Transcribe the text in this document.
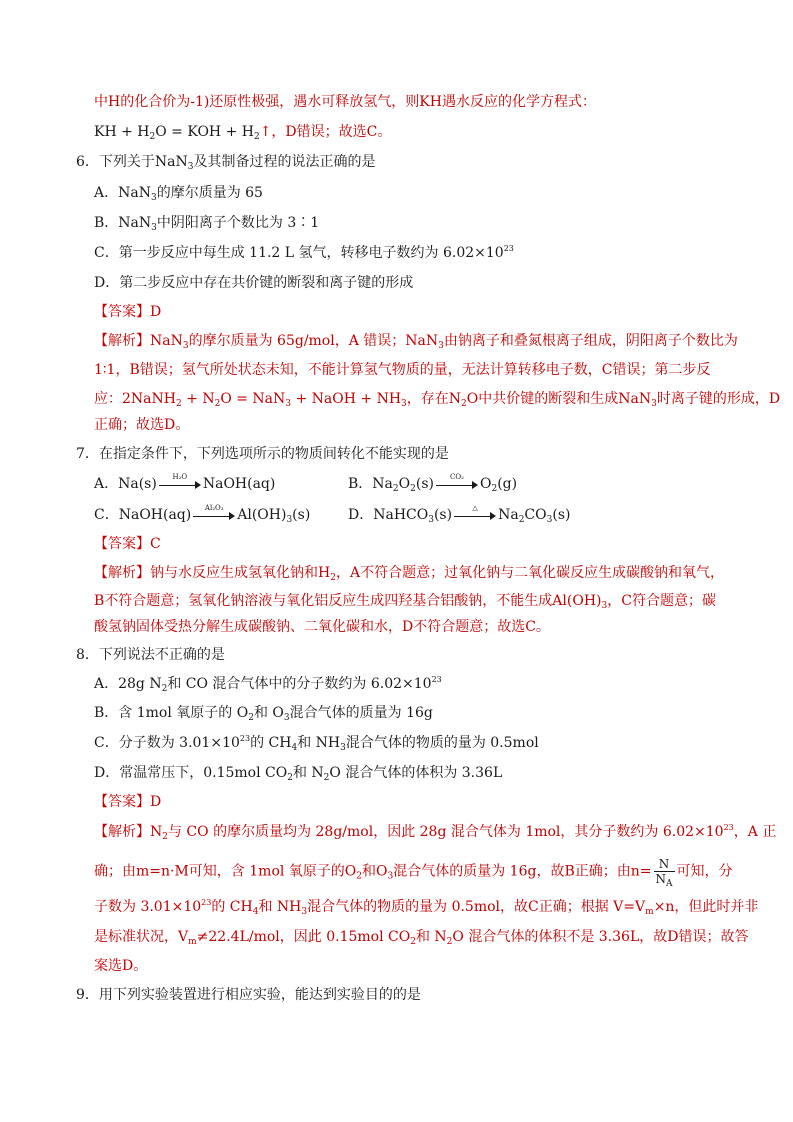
中H的化合价为-1)还原性极强，遇水可释放氢气，则KH遇水反应的化学方程式：
KH + $H_2O$ = KOH + $H_2↑$，D错误；故选C。
6．下列关于NaN$_3$及其制备过程的说法正确的是
A．NaN$_3$的摩尔质量为 65
B．NaN$_3$中阴阳离子个数比为 3∶1
C．第一步反应中每生成 11.2 L 氢气，转移电子数约为 $6.02\times 10^{23}$
D．第二步反应中存在共价键的断裂和离子键的形成
【答案】D
【解析】NaN$_3$的摩尔质量为 65g/mol，A 错误；NaN$_3$由钠离子和叠氮根离子组成，阴阳离子个数比为
1∶1，B错误；氢气所处状态未知，不能计算氢气物质的量，无法计算转移电子数，C错误；第二步反
应：2NaNH$_2$ + $N_2O = NaN_3$ + NaOH + $NH_3$，存在$N_2O$中共价键的断裂和生成NaN$_3$时离子键的形成，D
正确；故选D。
7．在指定条件下，下列选项所示的物质间转化不能实现的是
A．Na(s)	H₂O	NaOH(aq)	B．$Na_2O_2(s)$	CO₂	$O_2(g)$
C．NaOH(aq)	Al₂O₃ $Al(OH)_3(s)$	D．NaHCO$_3$(s)	△	$Na_2CO_3(s)$
【答案】C
【解析】钠与水反应生成氢氧化钠和$H_2$，A不符合题意；过氧化钠与二氧化碳反应生成碳酸钠和氧气，
B不符合题意；氢氧化钠溶液与氧化铝反应生成四羟基合铝酸钠，不能生成$Al(OH)_3$，C符合题意；碳
酸氢钠固体受热分解生成碳酸钠、二氧化碳和水，D不符合题意；故选C。
8．下列说法不正确的是
A．28g $N_2$和 CO 混合气体中的分子数约为 $6.02\times 10^{23}$
B．含 1mol 氧原子的 $O_2$和 $O_3$混合气体的质量为 16g
C．分子数为 $3.01\times 10^{23}$的 $CH_4$和 $NH_3$混合气体的物质的量为 0.5mol
D．常温常压下，0.15mol $CO_2$和 $N_2O$ 混合气体的体积为 3.36L
【答案】D
【解析】$N_2$与 CO 的摩尔质量均为 28g/mol，因此 28g 混合气体为 1mol，其分子数约为 $6.02\times 10^{23}$，A 正
确；由m=n·M可知，含 1mol 氧原子的$O_2$和$O_3$混合气体的质量为 16g，故B正确；由$n= \frac{N}{N_A}$ 可知，分
子数为 $3.01\times 10^{23}$的 $CH_4$和 $NH_3$混合气体的物质的量为 0.5mol，故C正确；根据 $V=V_m\times n$，但此时并非
是标准状况，$V_m\ne 22.4L$/mol，因此 0.15mol $CO_2$和 $N_2O$ 混合气体的体积不是 3.36L，故D错误；故答
案选D。
9．用下列实验装置进行相应实验，能达到实验目的的是
